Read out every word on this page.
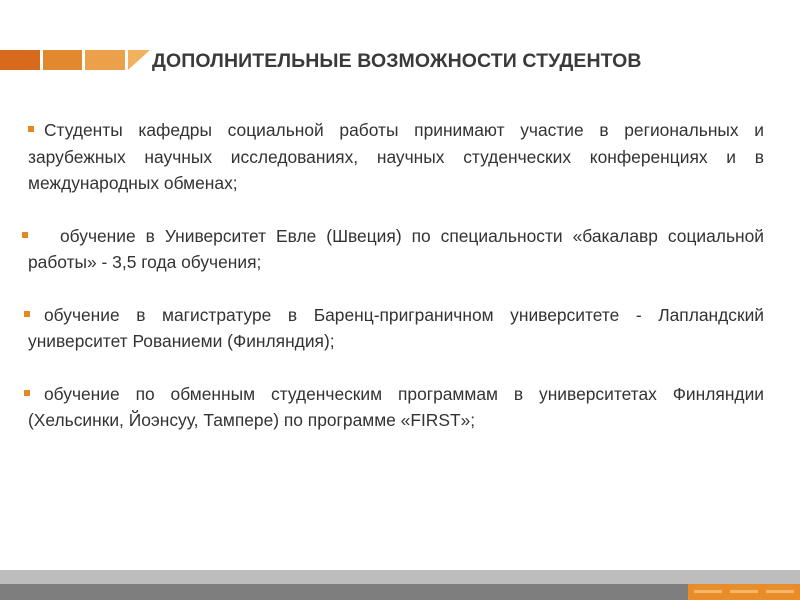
ДОПОЛНИТЕЛЬНЫЕ ВОЗМОЖНОСТИ СТУДЕНТОВ
Студенты кафедры социальной работы принимают участие в региональных и зарубежных научных исследованиях, научных студенческих конференциях и в международных обменах;
обучение в Университет Евле (Швеция) по специальности «бакалавр социальной работы» - 3,5 года обучения;
обучение в магистратуре в Баренц-приграничном университете - Лапландский университет Рованиеми (Финляндия);
обучение по обменным студенческим программам в университетах Финляндии (Хельсинки, Йоэнсуу, Тампере) по программе «FIRST»;
